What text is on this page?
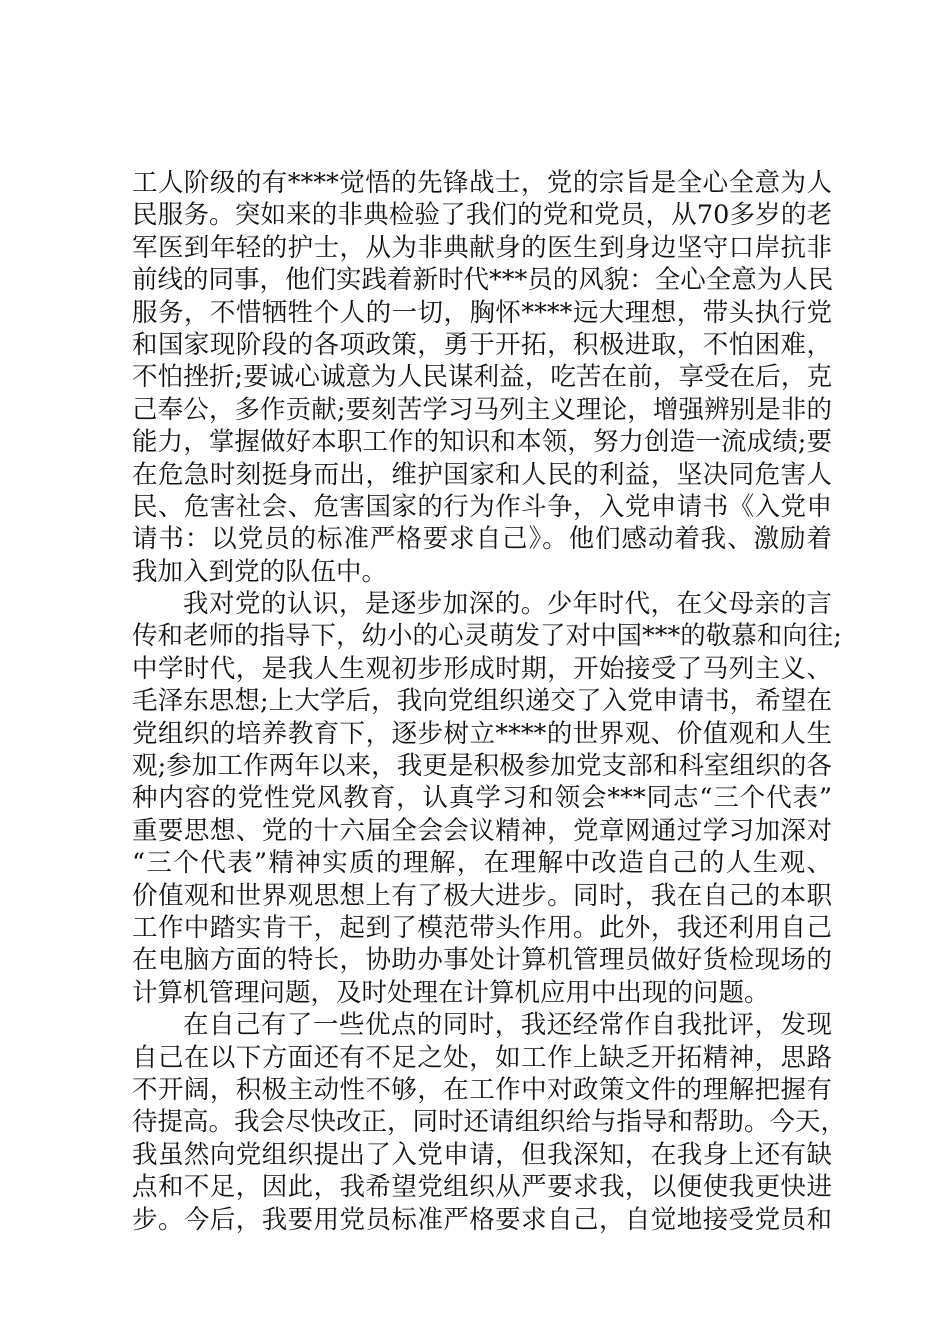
工人阶级的有****觉悟的先锋战士，党的宗旨是全心全意为人
民服务。突如来的非典检验了我们的党和党员，从70多岁的老
军医到年轻的护士，从为非典献身的医生到身边坚守口岸抗非
前线的同事，他们实践着新时代***员的风貌：全心全意为人民
服务，不惜牺牲个人的一切，胸怀****远大理想，带头执行党
和国家现阶段的各项政策，勇于开拓，积极进取，不怕困难，
不怕挫折;要诚心诚意为人民谋利益，吃苦在前，享受在后，克
己奉公，多作贡献;要刻苦学习马列主义理论，增强辨别是非的
能力，掌握做好本职工作的知识和本领，努力创造一流成绩;要
在危急时刻挺身而出，维护国家和人民的利益，坚决同危害人
民、危害社会、危害国家的行为作斗争，入党申请书《入党申
请书：以党员的标准严格要求自己》。他们感动着我、激励着
我加入到党的队伍中。
我对党的认识，是逐步加深的。少年时代，在父母亲的言
传和老师的指导下，幼小的心灵萌发了对中国***的敬慕和向往;
中学时代，是我人生观初步形成时期，开始接受了马列主义、
毛泽东思想;上大学后，我向党组织递交了入党申请书，希望在
党组织的培养教育下，逐步树立****的世界观、价值观和人生
观;参加工作两年以来，我更是积极参加党支部和科室组织的各
种内容的党性党风教育，认真学习和领会***同志“三个代表”
重要思想、党的十六届全会会议精神，党章网通过学习加深对
“三个代表”精神实质的理解，在理解中改造自己的人生观、
价值观和世界观思想上有了极大进步。同时，我在自己的本职
工作中踏实肯干，起到了模范带头作用。此外，我还利用自己
在电脑方面的特长，协助办事处计算机管理员做好货检现场的
计算机管理问题，及时处理在计算机应用中出现的问题。
在自己有了一些优点的同时，我还经常作自我批评，发现
自己在以下方面还有不足之处，如工作上缺乏开拓精神，思路
不开阔，积极主动性不够，在工作中对政策文件的理解把握有
待提高。我会尽快改正，同时还请组织给与指导和帮助。今天，
我虽然向党组织提出了入党申请，但我深知，在我身上还有缺
点和不足，因此，我希望党组织从严要求我，以便使我更快进
步。今后，我要用党员标准严格要求自己，自觉地接受党员和
